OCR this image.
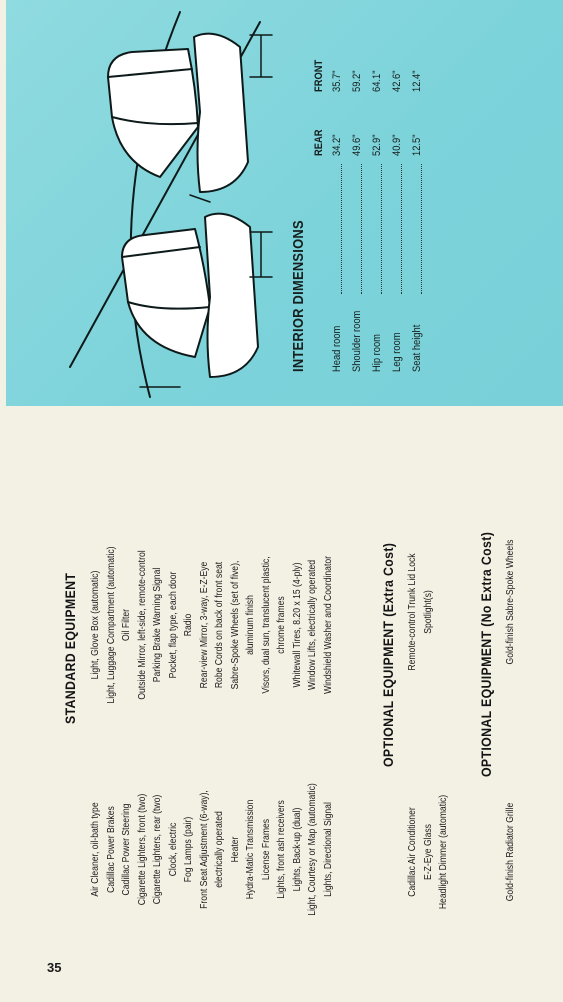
INTERIOR DIMENSIONS
REAR
FRONT
Head room
34.2"
35.7"
Shoulder room
49.6"
59.2"
Hip room
52.9"
64.1"
Leg room
40.9"
42.6"
Seat height
12.5"
12.4"
STANDARD EQUIPMENT
Air Cleaner, oil-bath type Cadillac Power Brakes Cadillac Power Steering Cigarette Lighters, front (two) Cigarette Lighters, rear (two) Clock, electric Fog Lamps (pair) Front Seat Adjustment (6-way), electrically operated Heater Hydra-Matic Transmission License Frames Lights, front ash receivers Lights, Back-up (dual) Light, Courtesy or Map (automatic) Lights, Directional Signal
Light, Glove Box (automatic) Light, Luggage Compartment (automatic) Oil Filter Outside Mirror, left-side, remote-control Parking Brake Warning Signal Pocket, flap type, each door Radio Rear-view Mirror, 3-way, E-Z-Eye Robe Cords on back of front seat Sabre-Spoke Wheels (set of five), aluminum finish Visors, dual sun, translucent plastic, chrome frames Whitewall Tires, 8.20 x 15 (4-ply) Window Lifts, electrically operated Windshield Washer and Coordinator	OPTIONAL EQUIPMENT (Extra Cost)
Cadillac Air Conditioner E-Z-Eye Glass Headlight Dimmer (automatic)
Remote-control Trunk Lid Lock Spotlight(s)	OPTIONAL EQUIPMENT (No Extra Cost)
Gold-finish Radiator Grille
Gold-finish Sabre-Spoke Wheels
35
